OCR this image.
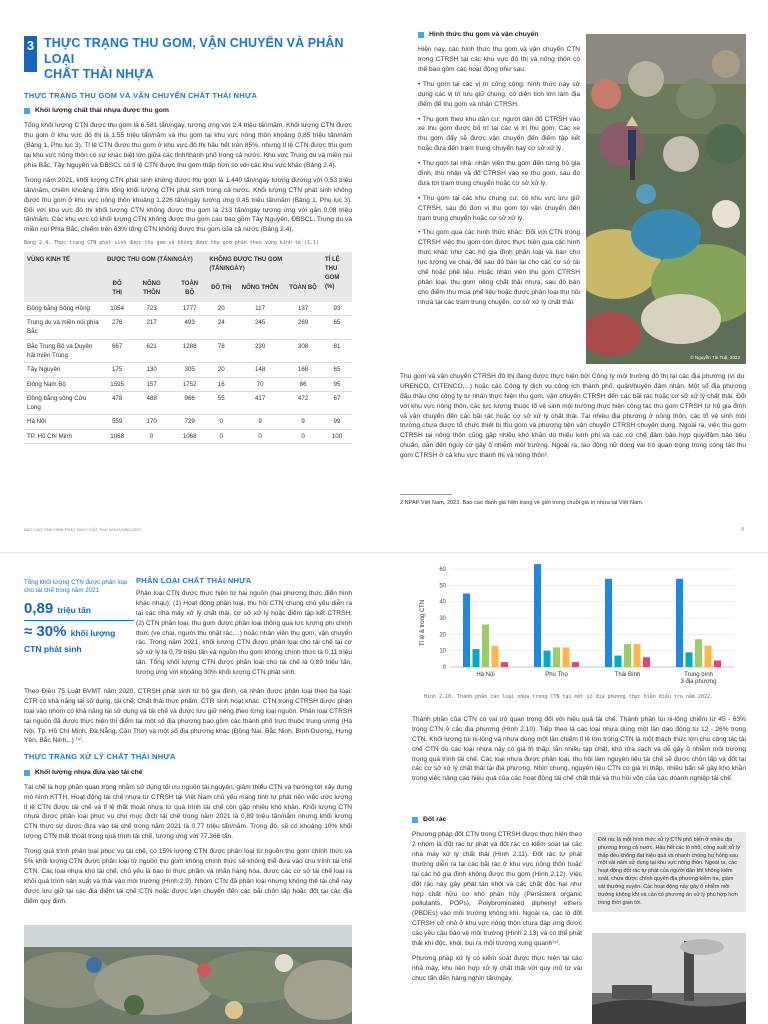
3 THỰC TRẠNG THU GOM, VẬN CHUYỂN VÀ PHÂN LOẠI
CHẤT THẢI NHỰA
THỰC TRẠNG THU GOM VÀ VẬN CHUYỂN CHẤT THẢI NHỰA
Khối lượng chất thải nhựa được thu gom

Tổng khối lượng CTN được thu gom là 6.581 tấn/ngày, tương ứng với 2,4 triệu tấn/năm. Khối lượng CTN được thu gom ở khu vực đô thị là 1,55 triệu tấn/năm và thu gom tại khu vực nông thôn khoảng 0,85 triệu tấn/năm (Bảng 1, Phụ lục 3). Tỉ lệ CTN được thu gom ở khu vực đô thị hầu hết trên 85%, nhưng tỉ lệ CTN được thu gom tại khu vực nông thôn có sự khác biệt lớn giữa các tỉnh/thành phố trong cả nước. Khu vực Trung du và miền núi phía Bắc, Tây Nguyên và ĐBSCL có tỉ lệ CTN được thu gom thấp hơn so với các khu vực khác (Bảng 2.4).

Trong năm 2021, khối lượng CTN phát sinh không được thu gom là 1.440 tấn/ngày tương đương với 0,53 triệu tấn/năm, chiếm khoảng 18% tổng khối lượng CTN phát sinh trong cả nước. Khối lượng CTN phát sinh không được thu gom ở khu vực nông thôn khoảng 1.226 tấn/ngày tương ứng 0,45 triệu tấn/năm (Bảng 1, Phụ lục 3). Đối với khu vực đô thị khối lượng CTN không được thu gom là 213 tấn/ngày tương ứng với gần 0,08 triệu tấn/năm. Các khu vực có khối lượng CTN không được thu gom cao bao gồm Tây Nguyên, ĐBSCL, Trung du và miền núi Phía Bắc, chiếm trên 63% tổng CTN không được thu gom của cả nước (Bảng 2.4).

Bảng 2.4. Thực trạng CTN phát sinh được thu gom và không được thu gom phân theo vùng kinh tế (1.1)
VÙNG KINH TẾ	ĐƯỢC THU GOM (TẤN/NGÀY)			KHÔNG ĐƯỢC THU GOM (TẤN/NGÀY)			TỈ LỆ THU GOM (%)
	ĐÔ THỊ	NÔNG THÔN	TOÀN BỘ	ĐÔ THỊ	NÔNG THÔN	TOÀN BỘ	
Đồng bằng Sông Hồng	1054	723	1777	20	117	137	93
Trung du và miền núi phía Bắc	276	217	493	24	245	269	65
Bắc Trung Bộ và Duyên hải miền Trung	667	621	1288	78	230	308	81
Tây Nguyên	175	130	305	20	148	168	65
Đông Nam Bộ	1595	157	1752	16	70	86	95
Đồng bằng sông Cửu Long	478	488	966	55	417	472	67
Hà Nội	559	170	729	0	9	9	99
TP. Hồ Chí Minh	1068	0	1068	0	0	0	100
Hình thức thu gom và vận chuyển

Hiện nay, các hình thức thu gom và vận chuyển CTN trong CTRSH tại các khu vực đô thị và nông thôn có thể bao gồm các hoạt động như sau:

• Thu gom tại các vị trí công cộng: hình thức này sử dụng các vị trí lưu giữ chung, có diện tích lớn làm địa điểm để thu gom và nhận CTRSH.

• Thu gom theo khu dân cư: người dân đổ CTRSH vào xe thu gom được bố trí tại các vị trí thu gom. Các xe thu gom đẩy sẽ được vận chuyển đến điểm tập kết hoặc đưa đến trạm trung chuyển hay cơ sở xử lý.

• Thu gom tại nhà: nhân viên thu gom đến từng hộ gia đình, thu nhận và đổ CTRSH vào xe thu gom, sau đó đưa tới trạm trung chuyển hoặc cơ sở xử lý.

• Thu gom tại các khu chung cư: có khu vực lưu giữ CTRSH, sau đó đơn vị thu gom tới vận chuyển đến trạm trung chuyển hoặc cơ sở xử lý.

• Thu gom qua các hình thức khác: Đối với CTN trong CTRSH việc thu gom còn được thực hiện qua các hình thức khác như các hộ gia đình phân loại và bán cho lực lượng ve chai, để sau đó bán lại cho các cơ sở tái chế hoặc phế liệu. Hoặc nhân viên thu gom CTRSH phân loại, thu gom riêng chất thải nhựa, sau đó bán cho điểm thu mua phế liệu hoặc được phân loại thu hồi nhựa tại các trạm trung chuyển, cơ sở xử lý chất thải.

© Nguyễn Tài Tuệ, 2022

Thu gom và vận chuyển CTRSH đô thị đang được thực hiện bởi Công ty môi trường đô thị tại các địa phương (ví dụ: URENCO, CITENCO,...) hoặc các Công ty dịch vụ công ích thành phố, quận/huyện đảm nhận. Một số địa phương đấu thầu cho công ty tư nhân thực hiện thu gom, vận chuyển CTRSH đến các bãi rác hoặc cơ sở xử lý chất thải. Đối với khu vực nông thôn, các lực lượng thuộc tổ vệ sinh môi trường thực hiện công tác thu gom CTRSH từ hộ gia đình và vận chuyển đến các bãi rác hoặc cơ sở xử lý chất thải. Tại nhiều địa phương ở nông thôn, các tổ vệ sinh môi trường chưa được tổ chức thiết bị thu gom và phương tiện vận chuyển CTRSH chuyên dụng. Ngoài ra, việc thu gom CTRSH tại nông thôn cũng gặp nhiều khó khăn do thiếu kinh phí và các cơ chế đảm bảo hợp quy/đảm bảo tiêu chuẩn, dẫn đến nguy cơ gây ô nhiễm môi trường. Ngoài ra, lao động nữ đóng vai trò quan trọng trong công tác thu gom CTRSH ở cả khu vực thành thị và nông thôn².

2 NPAP Việt Nam, 2023. Báo cáo đánh giá hiện trạng về giới trong chuỗi giá trị nhựa tại Việt Nam.
BÁO CÁO TÌNH HÌNH PHÁT SINH CHẤT THẢI NHỰA NĂM 2022	8
Tổng khối lượng CTN được phân loại cho tái chế trong năm 2021
0,89 triệu tấn
≈ 30% khối lượng CTN phát sinh
PHÂN LOẠI CHẤT THẢI NHỰA

Phân loại CTN được thực hiện từ hai nguồn (hai phương thức điển hình khác nhau): (1) Hoạt động phân loại, thu hồi CTN chung chủ yếu diễn ra tại các nhà máy xử lý chất thải, cơ sở xử lý hoặc điểm tập kết CTRSH; (2) CTN phân loại, thu gom được phân loại thông qua lực lượng phi chính thức (ve chai, người thu nhặt rác,...) hoặc nhân viên thu gom, vận chuyển rác. Trong năm 2021, khối lượng CTN được phân loại cho tái chế tại cơ sở xử lý là 0,79 triệu tấn và nguồn thu gom không chính thức là 0,11 triệu tấn. Tổng khối lượng CTN được phân loại cho tái chế là 0,89 triệu tấn, tương ứng với khoảng 30% khối lượng CTN phát sinh.

Theo Điều 75 Luật BVMT năm 2020, CTRSH phát sinh từ hộ gia đình, cá nhân được phân loại theo ba loại: CTR có khả năng tái sử dụng, tái chế; Chất thải thực phẩm; CTR sinh hoạt khác. CTN trong CTRSH được phân loại vào nhóm có khả năng tái sử dụng và tái chế và được lưu giữ riêng theo từng loại nguồn. Phân loại CTRSH tại nguồn đã được thực hiện thí điểm tại một số địa phương bao gồm các thành phố trực thuộc trung ương (Hà Nội, Tp. Hồ Chí Minh, Đà Nẵng, Cần Thơ) và một số địa phương khác (Đồng Nai, Bắc Ninh, Bình Dương, Hưng Yên, Bắc Ninh,..) ⁽⁴⁾.

THỰC TRẠNG XỬ LÝ CHẤT THẢI NHỰA
Khối lượng nhựa đưa vào tái chế

Tái chế là hợp phần quan trọng nhằm sử dụng tối ưu nguồn tài nguyên, giảm thiểu CTN và hướng tới xây dựng mô hình KTTH. Hoạt động tái chế nhựa từ CTRSH tại Việt Nam chủ yếu mang tính tự phát nên việc ước lượng tỉ lệ CTN được tái chế và tỉ lệ thất thoát nhựa từ quá trình tái chế còn gặp nhiều khó khăn. Khối lượng CTN nhựa được phân loại phục vụ cho mục đích tái chế trong năm 2021 là 0,89 triệu tấn/năm nhưng khối lượng CTN thực sự được đưa vào tái chế trong năm 2021 là 0,77 triệu tấn/năm. Trong đó, sẽ có khoảng 10% khối lượng CTN thất thoát trong quá trình tái chế, tương ứng với 77.366 tấn.

Trong quá trình phân loại phục vụ tái chế, có 15% lượng CTN được phân loại từ nguồn thu gom chính thức và 5% khối lượng CTN được phân loại từ nguồn thu gom không chính thức sẽ không thể đưa vào chu trình tái chế CTN. Các loại nhựa khó tái chế, chủ yếu là bao bì thực phẩm và nhãn hàng hóa, được các cơ sở tái chế loại ra khỏi quá trình sản xuất và thải vào môi trường (Hình 2.9). Nhóm CTN đã phân loại nhưng không thể tái chế này được lưu giữ tại các địa điểm tái chế CTN hoặc được vận chuyển đến các bãi chôn lấp hoặc đốt tại các địa điểm quy định.

Tỉ lệ & trong CTN
0
10
20
30
40
50
60
Hà Nội	Phú Thọ	Thái Bình	Trung bình 3 địa phương
Hình 2.10. Thành phần các loại nhựa trong CTN tại một số địa phương thực hiện điều tra năm 2022.

Thành phần của CTN có vai trò quan trọng đối với hiệu quả tái chế. Thành phần túi ni-lông chiếm từ 45 - 63% trong CTN ở các địa phương (Hình 2.10). Tiếp theo là các loại nhựa dùng một lần dao động từ 12 - 26% trong CTN. Khối lượng túi ni-lông và nhựa dùng một lần chiếm tỉ lệ lớn trong CTN là một thách thức lớn cho công tác tái chế CTN do các loại nhựa này có giá trị thấp, lẫn nhiều tạp chất, khó rửa sạch và dễ gây ô nhiễm môi trường trong quá trình tái chế. Các loại nhựa được phân loại, thu hồi làm nguyên liệu tái chế sẽ được chôn lấp và đốt tại các cơ sở xử lý chất thải tại địa phương. Nhìn chung, nguyên liệu CTN có giá trị thấp, nhiều bẩn sẽ gây khó khăn trong việc nâng cao hiệu quả của các hoạt động tái chế chất thải và thu hồi vốn của các doanh nghiệp tái chế.

Đốt rác

Phương pháp đốt CTN trong CTRSH được thực hiện theo 2 nhóm là đốt rác tự phát và đốt rác có kiểm soát tại các nhà máy xử lý chất thải (Hình 2.11). Đốt rác tự phát thường diễn ra tại các bãi rác ở khu vực nông thôn hoặc tại các hộ gia đình không được thu gom (Hình 2.12). Việc đốt rác này gây phát tán khói và các chất độc hại như hợp chất hữu cơ khó phân hủy (Persistent organic pollutants, POPs), Polybrominated diphenyl ethers (PBDEs) vào môi trường không khí. Ngoài ra, các lò đốt CTRSH cỡ nhỏ ở khu vực nông thôn chưa đáp ứng được các yêu cầu bảo vệ môi trường (Hình 2.13) và có thể phát thải khí độc, khói, bụi ra môi trường xung quanh⁽⁵⁾.

Phương pháp xử lý có kiểm soát được thực hiện tại các nhà máy, khu liên hợp xử lý chất thải với quy mô từ vài chục tấn đến hàng nghìn tấn/ngày.

Đốt rác là một hình thức xử lý CTN phổ biến ở nhiều địa phương trong cả nước. Hầu hết các lò nhỏ, công suất xử lý thấp đều không đạt hiệu quả và nhanh chóng hư hỏng sau một vài năm sử dụng tại khu vực nông thôn. Ngoài ra, các hoạt động đốt rác tự phát của người dân khi không kiểm soát, chưa được chính quyền địa phương kiểm tra, giám sát thường xuyên. Các hoạt động này gây ô nhiễm môi trường không khí và cần có phương án xử lý phù hợp hơn trong thời gian tới.
